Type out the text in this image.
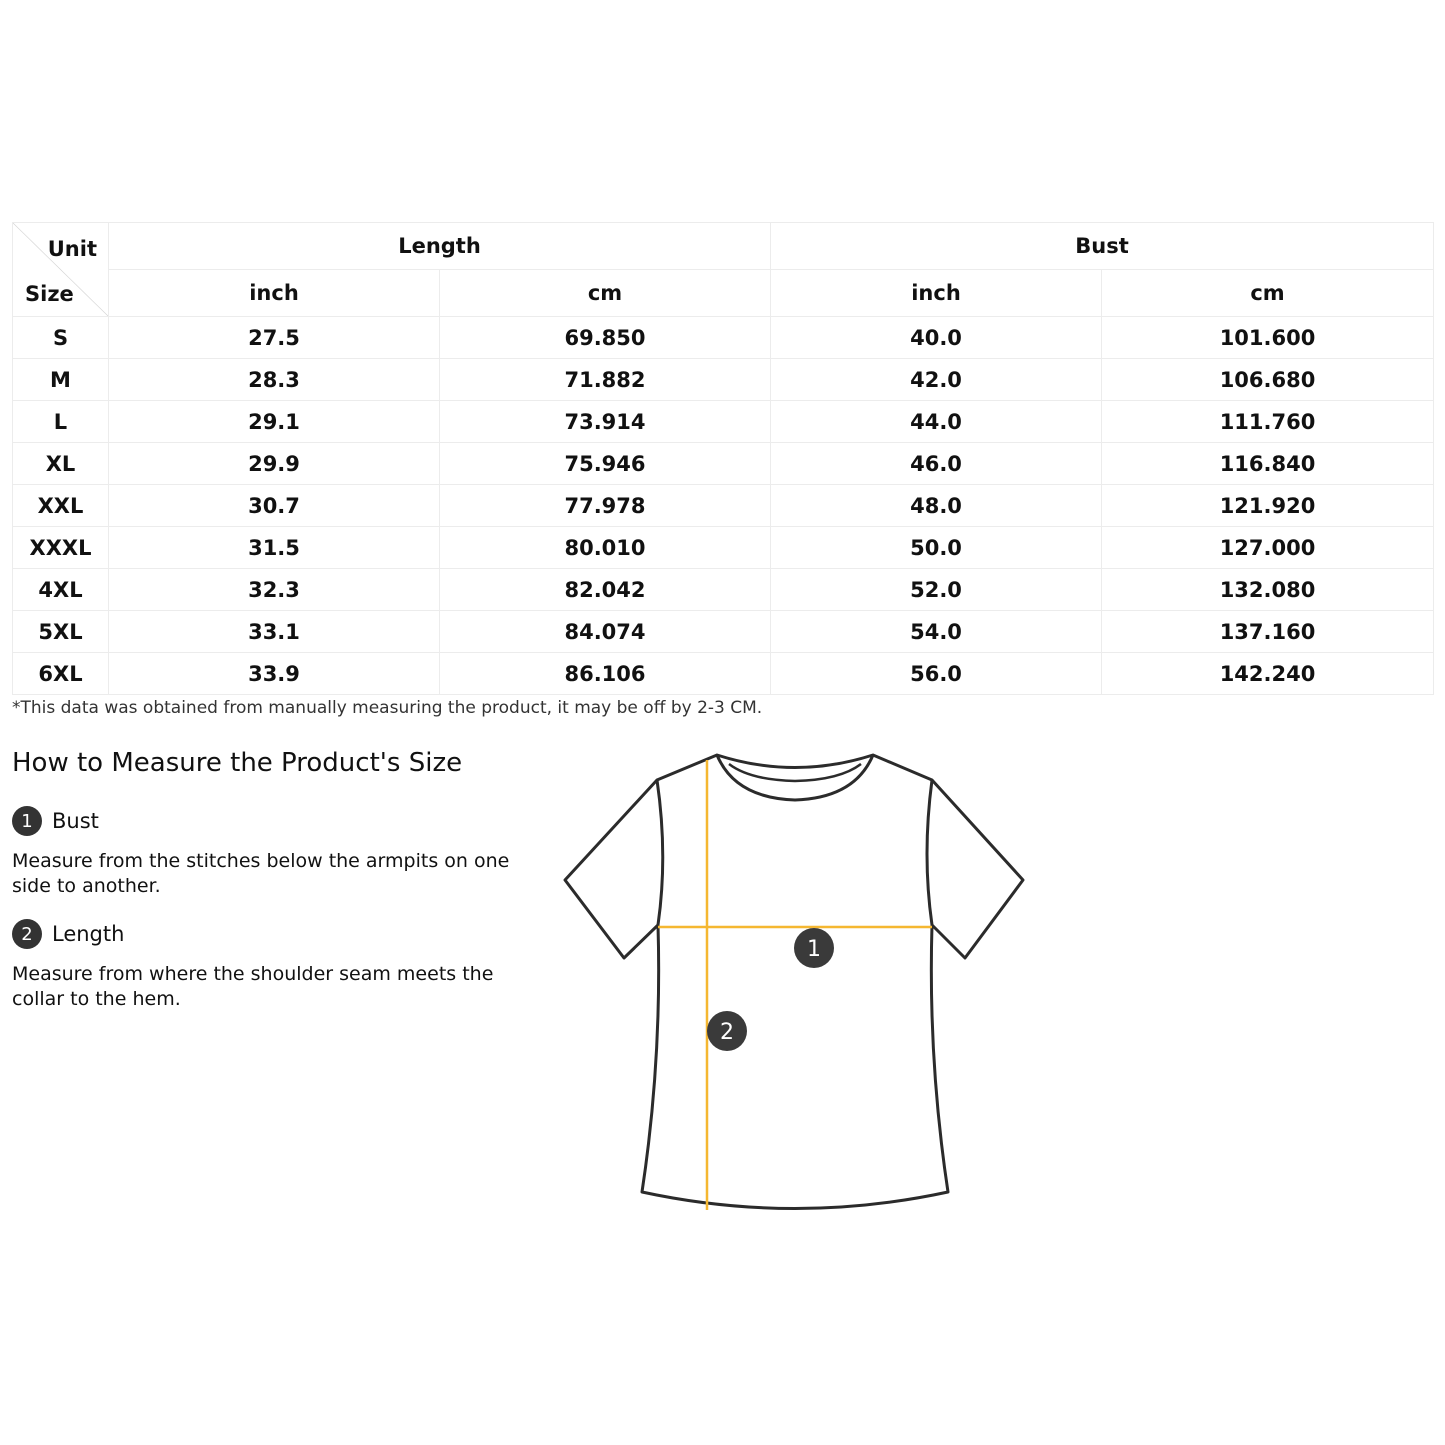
Unit
Size	Length		Bust	
	inch	cm	inch	cm
S	27.5	69.850	40.0	101.600
M	28.3	71.882	42.0	106.680
L	29.1	73.914	44.0	111.760
XL	29.9	75.946	46.0	116.840
XXL	30.7	77.978	48.0	121.920
XXXL	31.5	80.010	50.0	127.000
4XL	32.3	82.042	52.0	132.080
5XL	33.1	84.074	54.0	137.160
6XL	33.9	86.106	56.0	142.240
*This data was obtained from manually measuring the product, it may be off by 2-3 CM.
How to Measure the Product's Size
1 Bust
Measure from the stitches below the armpits on one side to another.
2 Length
Measure from where the shoulder seam meets the collar to the hem.
1
2
